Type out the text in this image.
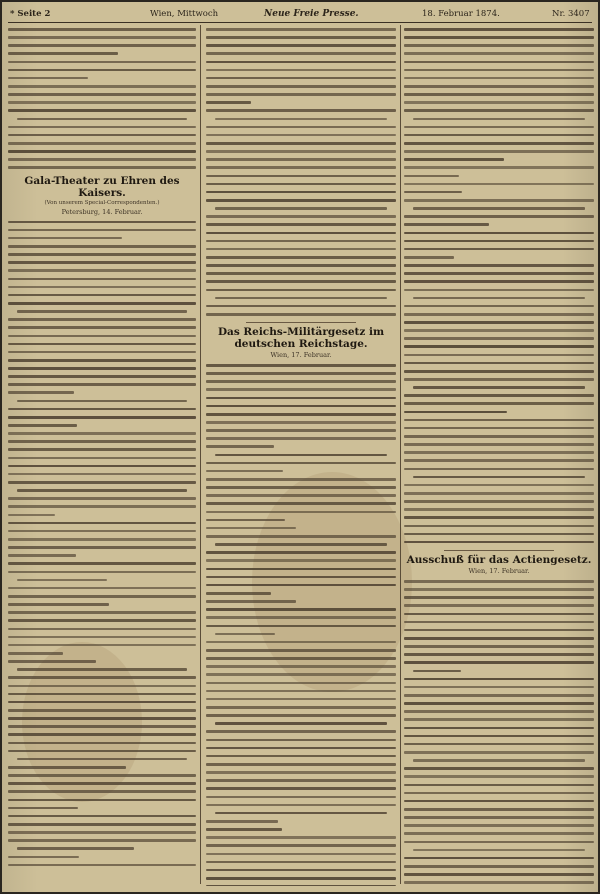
* Seite 2	Wien, Mittwoch	Neue Freie Presse.	18. Februar 1874.	Nr. 3407
Gala-Theater zu Ehren des Kaisers.
(Von unserem Special-Correspondenten.)
Petersburg, 14. Februar.
Das Reichs-Militärgesetz im deutschen Reichstage.
Wien, 17. Februar.
Ausschuß für das Actiengesetz.
Wien, 17. Februar.
